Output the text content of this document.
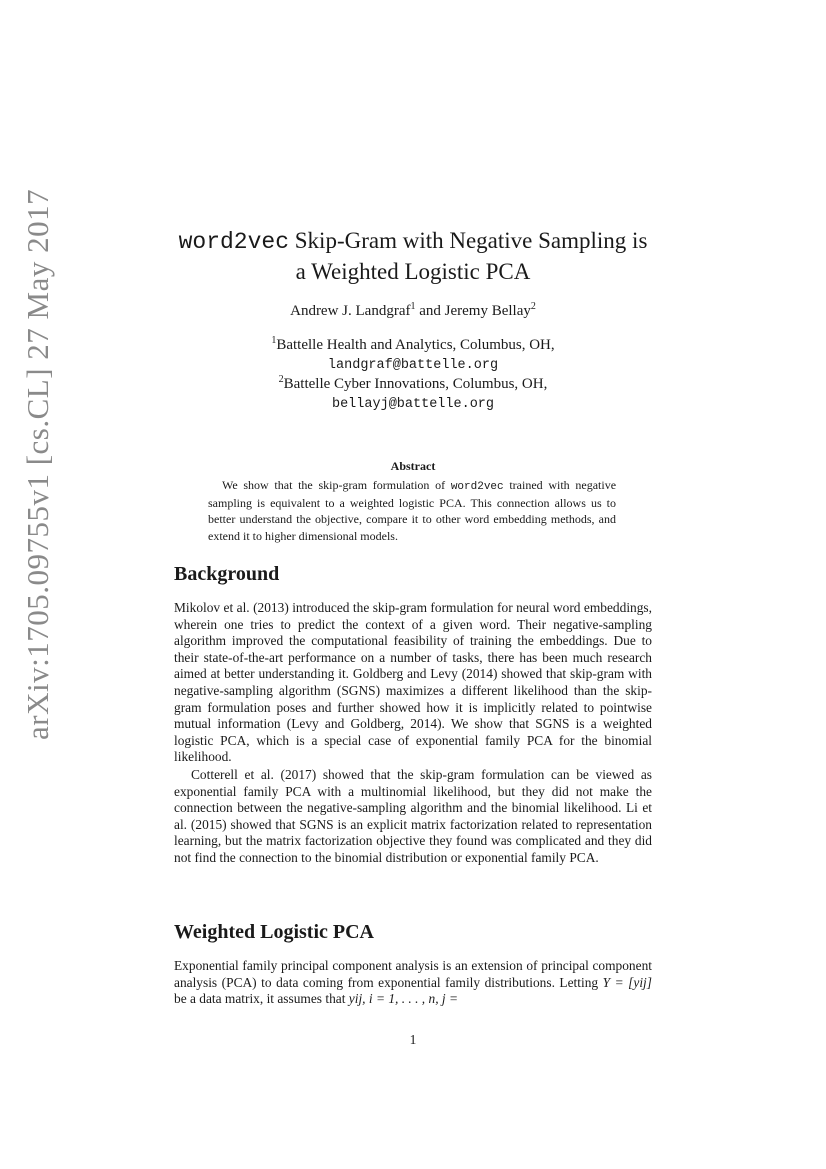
arXiv:1705.09755v1 [cs.CL] 27 May 2017	word2vec Skip-Gram with Negative Sampling is
a Weighted Logistic PCA
Andrew J. Landgraf$^1$ and Jeremy Bellay$^2$
$^1$Battelle Health and Analytics, Columbus, OH,
landgraf@battelle.org
$^2$Battelle Cyber Innovations, Columbus, OH,
bellayj@battelle.org
Abstract

We show that the skip-gram formulation of word2vec trained with negative sampling is equivalent to a weighted logistic PCA. This connection allows us to better understand the objective, compare it to other word embedding methods, and extend it to higher dimensional models.

Background

Mikolov et al. (2013) introduced the skip-gram formulation for neural word embeddings, wherein one tries to predict the context of a given word. Their negative-sampling algorithm improved the computational feasibility of training the embeddings. Due to their state-of-the-art performance on a number of tasks, there has been much research aimed at better understanding it. Goldberg and Levy (2014) showed that skip-gram with negative-sampling algorithm (SGNS) maximizes a different likelihood than the skip-gram formulation poses and further showed how it is implicitly related to pointwise mutual information (Levy and Goldberg, 2014). We show that SGNS is a weighted logistic PCA, which is a special case of exponential family PCA for the binomial likelihood.

Cotterell et al. (2017) showed that the skip-gram formulation can be viewed as exponential family PCA with a multinomial likelihood, but they did not make the connection between the negative-sampling algorithm and the binomial likelihood. Li et al. (2015) showed that SGNS is an explicit matrix factorization related to representation learning, but the matrix factorization objective they found was complicated and they did not find the connection to the binomial distribution or exponential family PCA.

Weighted Logistic PCA

Exponential family principal component analysis is an extension of principal component analysis (PCA) to data coming from exponential family distributions. Letting Y = [yij] be a data matrix, it assumes that yij, i = 1, . . . , n, j =

1
